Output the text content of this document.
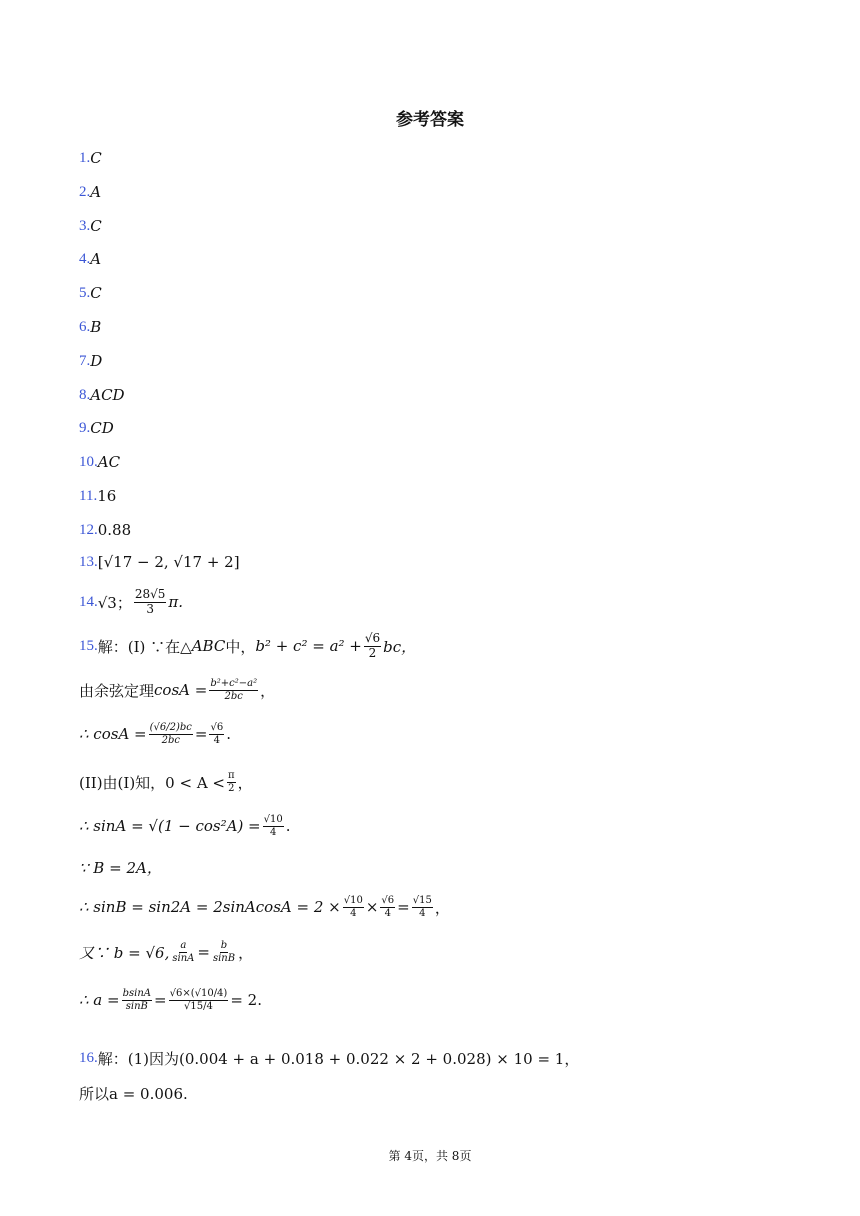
参考答案
1. C
2. A
3. C
4. A
5. C
6. B
7. D
8. ACD
9. CD
10. AC
11. 16
12. 0.88
13. [√17 − 2, √17 + 2]
14. √3； $\frac{28√5}{3} \pi$.
15. 解：(I) ∵在△ ABC 中， $b^2 + c^2 = a^2 + \frac{√6}{2}$ bc，
由余弦定理 $\cos A = \frac{\text{b²+c²−a²}}{2bc}$ ，
∴ $\cos A = \frac{(√6/2)bc}{2bc} = \frac{√6}{4}$ .
(II)由(I)知，$0 < A < \frac{\pi}{2}$ ，
∴ $\sin A = √(1 - \cos^2A) = \frac{√10}{4}$ .
∵ B = 2A，
∴ sinB = sin2A = 2sinAcosA = $2 \times \frac{√10}{4} \times \frac{√6}{4} = \frac{√15}{4}$ ，
又∵ b = √6, $\frac{a}{\sin A} = \frac{b}{\sin B}$ ，
∴ $a = \frac{bsinA}{\sin B} = \frac{√6\times(√10/4)}{√15/4} = 2$.
16. 解：(1)因为(0.004 + a + 0.018 + 0.022 × 2 + 0.028) × 10 = 1，
所以a = 0.006.
第 4页，共 8页
